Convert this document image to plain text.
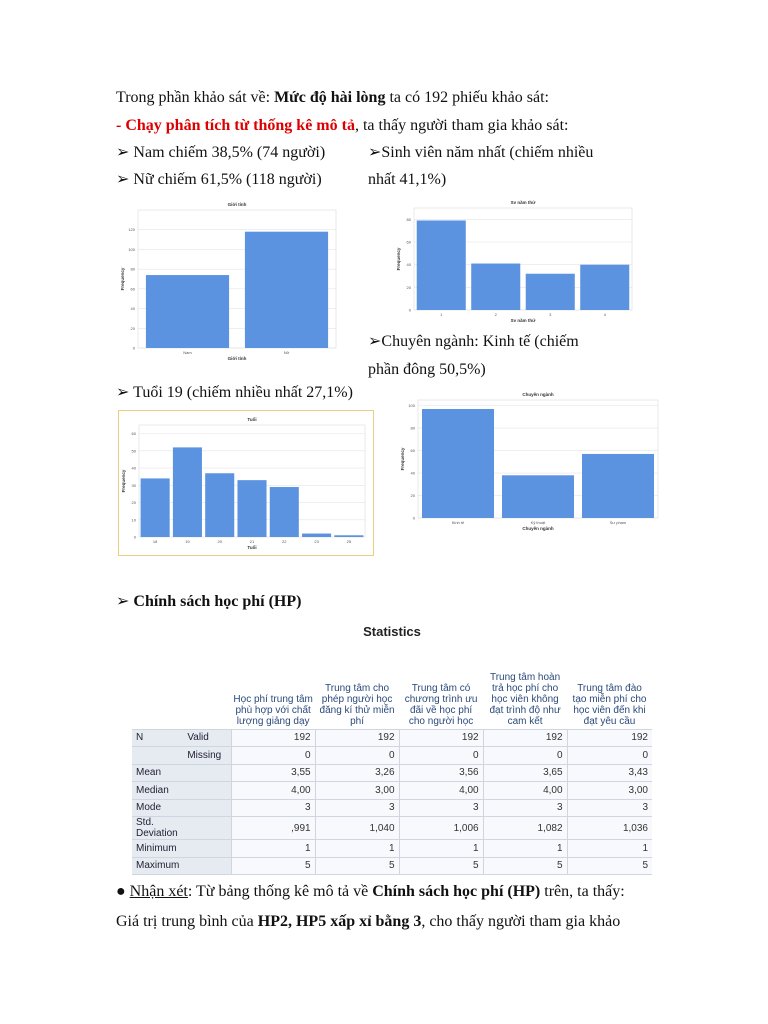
Trong phần khảo sát về: Mức độ hài lòng ta có 192 phiếu khảo sát:
- Chạy phân tích từ thống kê mô tả, ta thấy người tham gia khảo sát:
➢ Nam chiếm 38,5% (74 người)
➢ Nữ chiếm 61,5% (118 người)
➢Sinh viên năm nhất (chiếm nhiều
nhất 41,1%)
➢Chuyên ngành: Kinh tế (chiếm
phần đông 50,5%)
➢ Tuổi 19 (chiếm nhiều nhất 27,1%)
0
20
40
60
80
100
120
Nam	Nữ
Giới tính
Giới tính
Frequency
0
20
40
60
80
1	2	3	4
Sv năm thứ
Sv năm thứ
Frequency
0
20
40
60
80
100
Kinh tế	Kỹ thuật	Sư phạm
Chuyên ngành
Chuyên ngành
Frequency
0
10
20
30
40
50
60
18	19	20	21	22	23	25
Tuổi
Tuổi
Frequency
➢ Chính sách học phí (HP)
Statistics
		Học phí trung tâm phù hợp với chất lượng giảng dạy	Trung tâm cho phép người học đăng kí thử miễn phí	Trung tâm có chương trình ưu đãi về học phí cho người học	Trung tâm hoàn trả học phí cho học viên không đạt trình độ như cam kết	Trung tâm đào tạo miễn phí cho học viên đến khi đạt yêu cầu
N	Valid	192	192	192	192	192
	Missing	0	0	0	0	0
Mean		3,55	3,26	3,56	3,65	3,43
Median		4,00	3,00	4,00	4,00	3,00
Mode		3	3	3	3	3
Std. Deviation		,991	1,040	1,006	1,082	1,036
Minimum		1	1	1	1	1
Maximum		5	5	5	5	5
● Nhận xét: Từ bảng thống kê mô tả về Chính sách học phí (HP) trên, ta thấy:
Giá trị trung bình của HP2, HP5 xấp xỉ bằng 3, cho thấy người tham gia khảo
